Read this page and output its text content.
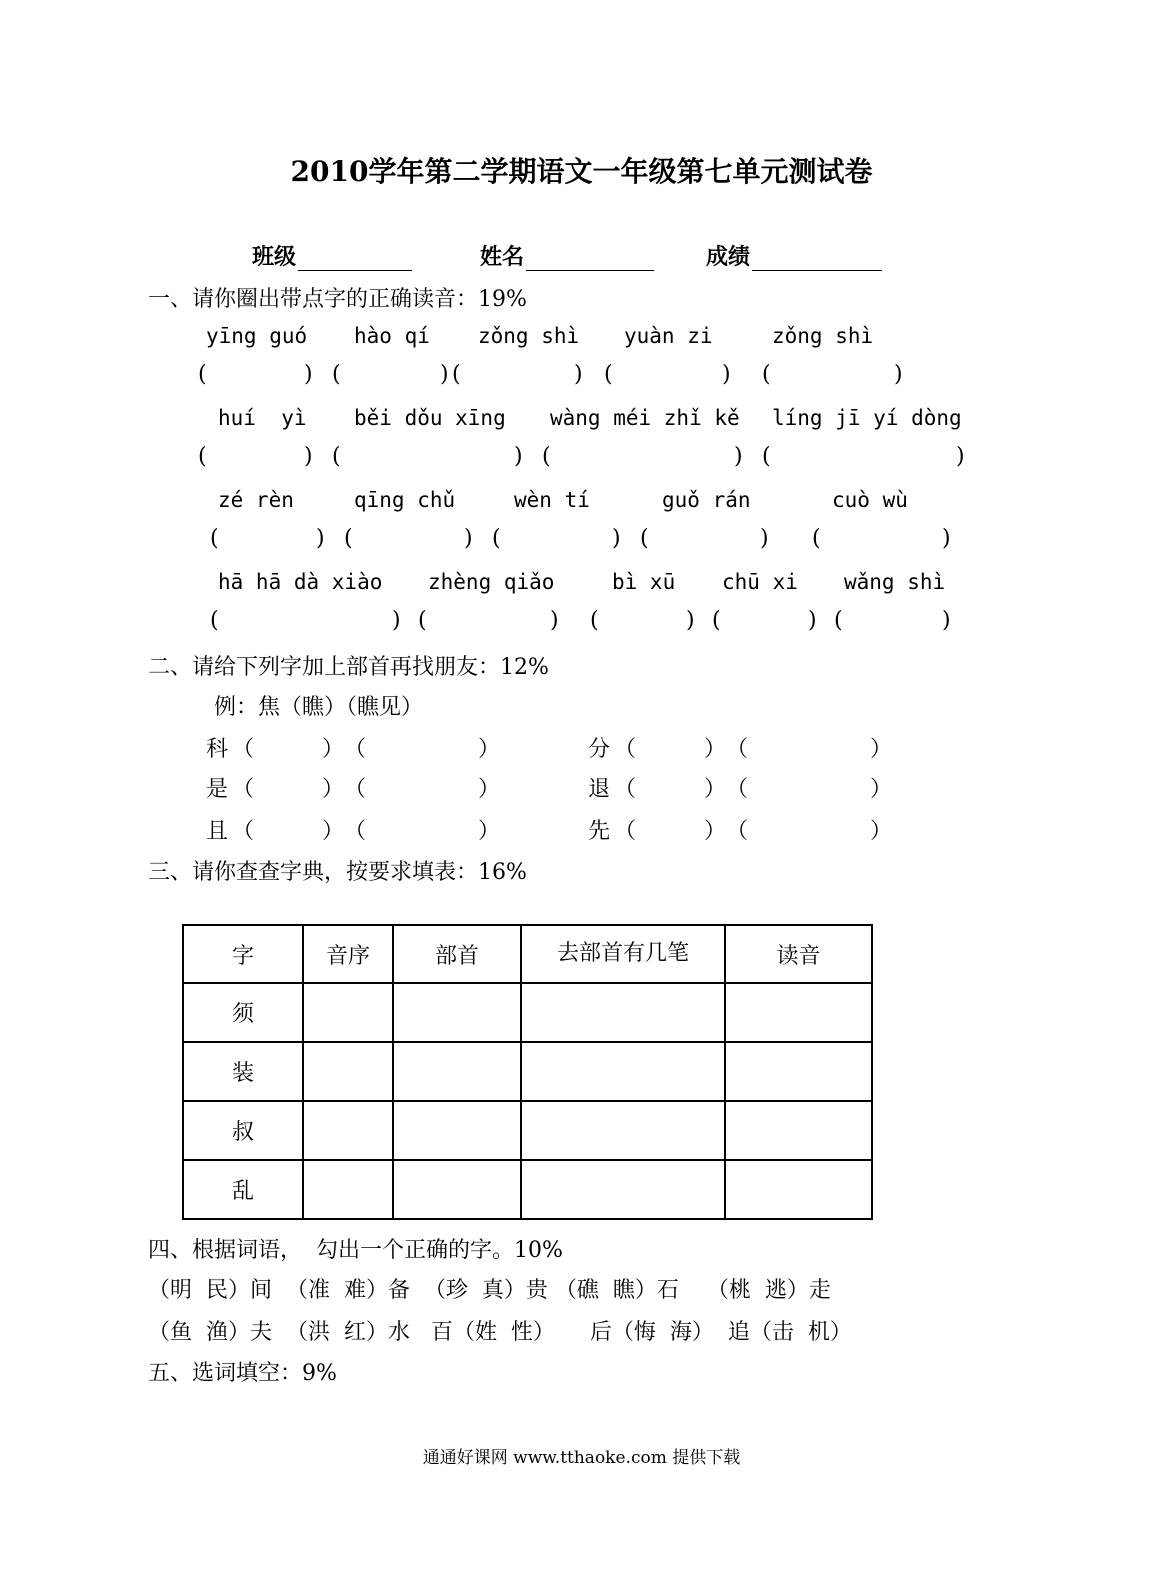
2010学年第二学期语文一年级第七单元测试卷
班级	姓名	成绩
一、请你圈出带点字的正确读音：19%
yīng guó hào qí zǒng shì yuàn zi	zǒng shì
(	) (	) (	) (	) (	)
huí  yì běi dǒu xīng wàng méi zhǐ kě líng jī yí dòng
(	) (	) (	) (	)
zé rèn	qīng chǔ	wèn tí	guǒ rán	cuò wù
(	) (	) (	) (	) (	)
hā hā dà xiào zhèng qiǎo	bì xū chū xi wǎng shì
(	) (	) (	) (	) (	)
二、请给下列字加上部首再找朋友：12%
例：焦（瞧）（瞧见）
科 （	） （	）	分 （	） （	）
是 （	） （	）	退 （	） （	）
且 （	） （	）	先 （	） （	）
三、请你查查字典，按要求填表：16%
字	音序	部首	去部首有几笔	读音
须				
装				
叔				
乱				
四、根据词语，  勾出一个正确的字。10%
（明  民）间  （准  难）备  （珍  真）贵 （礁  瞧）石    （桃  逃）走
（鱼  渔）夫  （洪  红）水   百（姓  性）     后（悔  海）  追（击  机）
五、选词填空：9%
通通好课网 www.tthaoke.com 提供下载
